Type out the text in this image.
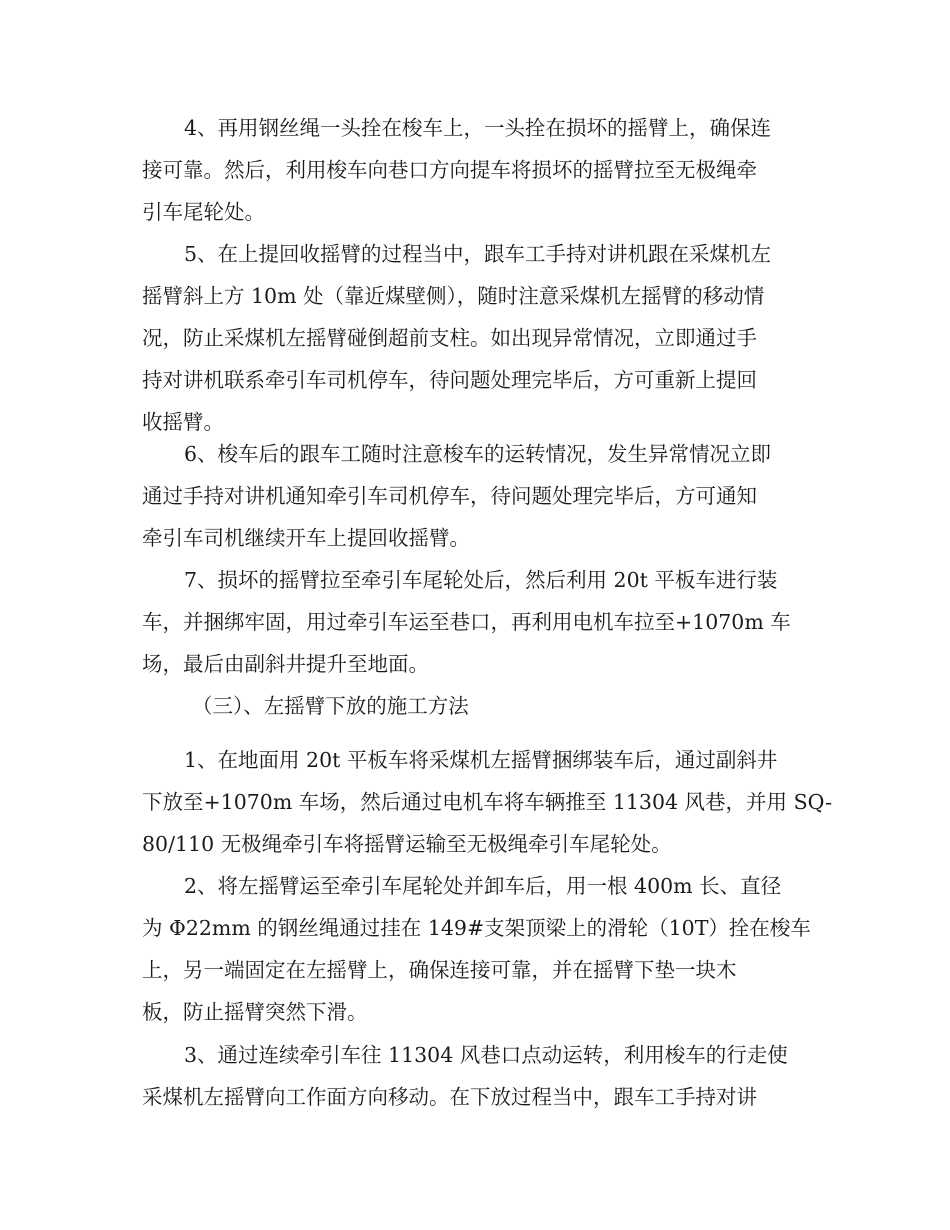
4、再用钢丝绳一头拴在梭车上，一头拴在损坏的摇臂上，确保连
接可靠。然后，利用梭车向巷口方向提车将损坏的摇臂拉至无极绳牵
引车尾轮处。
5、在上提回收摇臂的过程当中，跟车工手持对讲机跟在采煤机左
摇臂斜上方 10m 处（靠近煤壁侧），随时注意采煤机左摇臂的移动情
况，防止采煤机左摇臂碰倒超前支柱。如出现异常情况，立即通过手
持对讲机联系牵引车司机停车，待问题处理完毕后，方可重新上提回
收摇臂。
6、梭车后的跟车工随时注意梭车的运转情况，发生异常情况立即
通过手持对讲机通知牵引车司机停车，待问题处理完毕后，方可通知
牵引车司机继续开车上提回收摇臂。
7、损坏的摇臂拉至牵引车尾轮处后，然后利用 20t 平板车进行装
车，并捆绑牢固，用过牵引车运至巷口，再利用电机车拉至+1070m 车
场，最后由副斜井提升至地面。
（三）、左摇臂下放的施工方法
1、在地面用 20t 平板车将采煤机左摇臂捆绑装车后，通过副斜井
下放至+1070m 车场，然后通过电机车将车辆推至 11304 风巷，并用 SQ-
80/110 无极绳牵引车将摇臂运输至无极绳牵引车尾轮处。
2、将左摇臂运至牵引车尾轮处并卸车后，用一根 400m 长、直径
为 Φ22mm 的钢丝绳通过挂在 149#支架顶梁上的滑轮（10T）拴在梭车
上，另一端固定在左摇臂上，确保连接可靠，并在摇臂下垫一块木
板，防止摇臂突然下滑。
3、通过连续牵引车往 11304 风巷口点动运转，利用梭车的行走使
采煤机左摇臂向工作面方向移动。在下放过程当中，跟车工手持对讲
